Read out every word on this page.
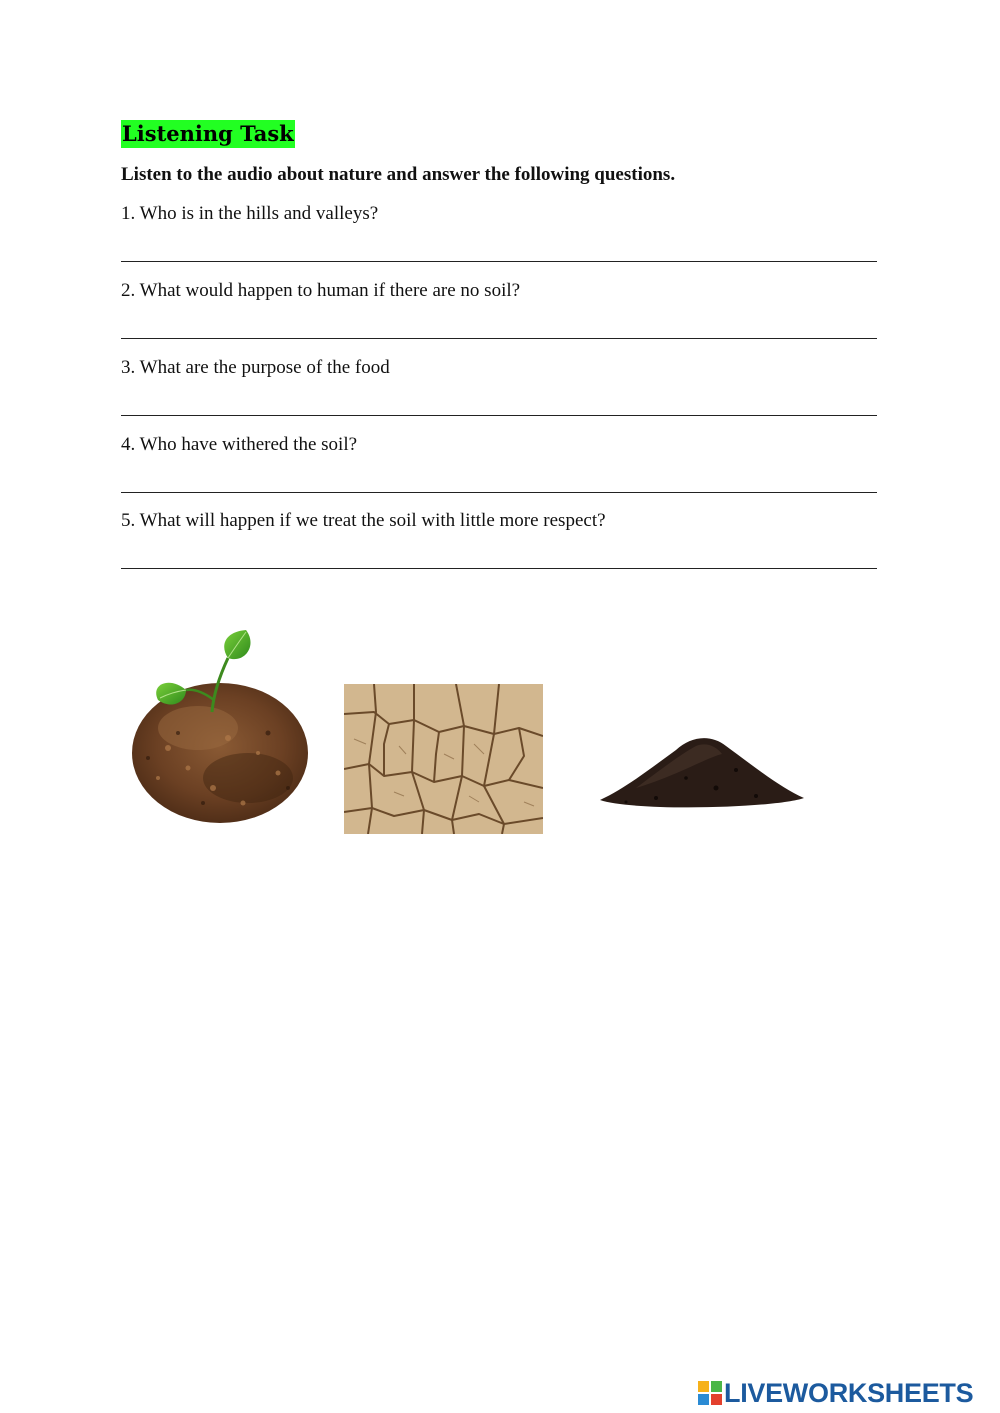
Listening Task
Listen to the audio about nature and answer the following questions.
1. Who is in the hills and valleys?
2. What would happen to human if there are no soil?
3. What are the purpose of the food
4. Who have withered the soil?
5. What will happen if we treat the soil with little more respect?
LIVEWORKSHEETS
